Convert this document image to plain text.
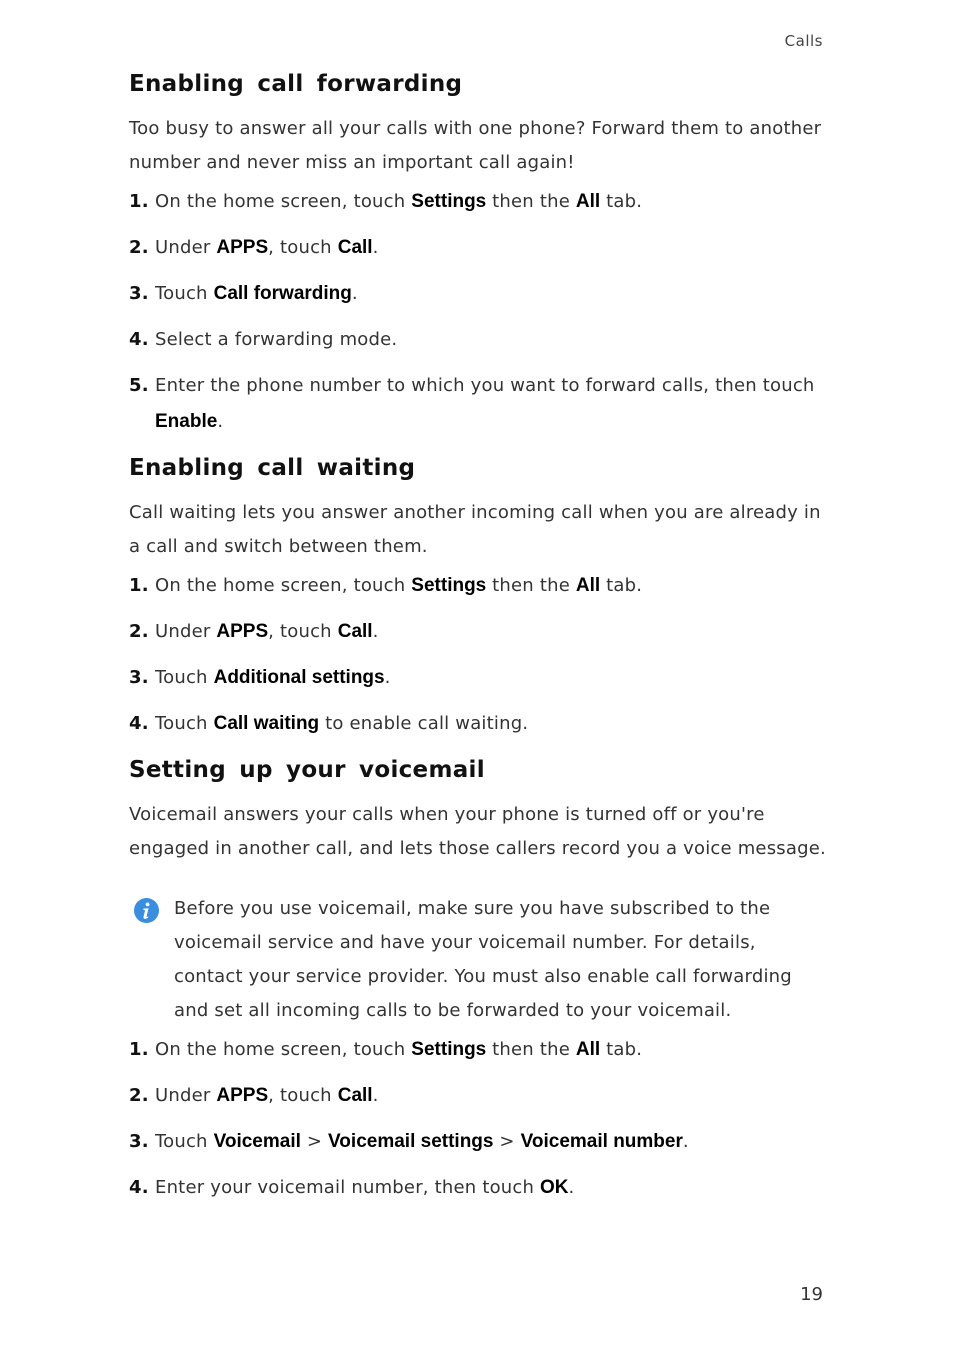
Calls
Enabling call forwarding

Too busy to answer all your calls with one phone? Forward them to another number and never miss an important call again!

1. On the home screen, touch Settings then the All tab.
2. Under APPS, touch Call.
3. Touch Call forwarding.
4. Select a forwarding mode.
5. Enter the phone number to which you want to forward calls, then touch Enable.
Enabling call waiting

Call waiting lets you answer another incoming call when you are already in a call and switch between them.

1. On the home screen, touch Settings then the All tab.
2. Under APPS, touch Call.
3. Touch Additional settings.
4. Touch Call waiting to enable call waiting.
Setting up your voicemail

Voicemail answers your calls when your phone is turned off or you're engaged in another call, and lets those callers record you a voice message.

Before you use voicemail, make sure you have subscribed to the voicemail service and have your voicemail number. For details, contact your service provider. You must also enable call forwarding and set all incoming calls to be forwarded to your voicemail.
1. On the home screen, touch Settings then the All tab.
2. Under APPS, touch Call.
3. Touch Voicemail > Voicemail settings > Voicemail number.
4. Enter your voicemail number, then touch OK.
19
